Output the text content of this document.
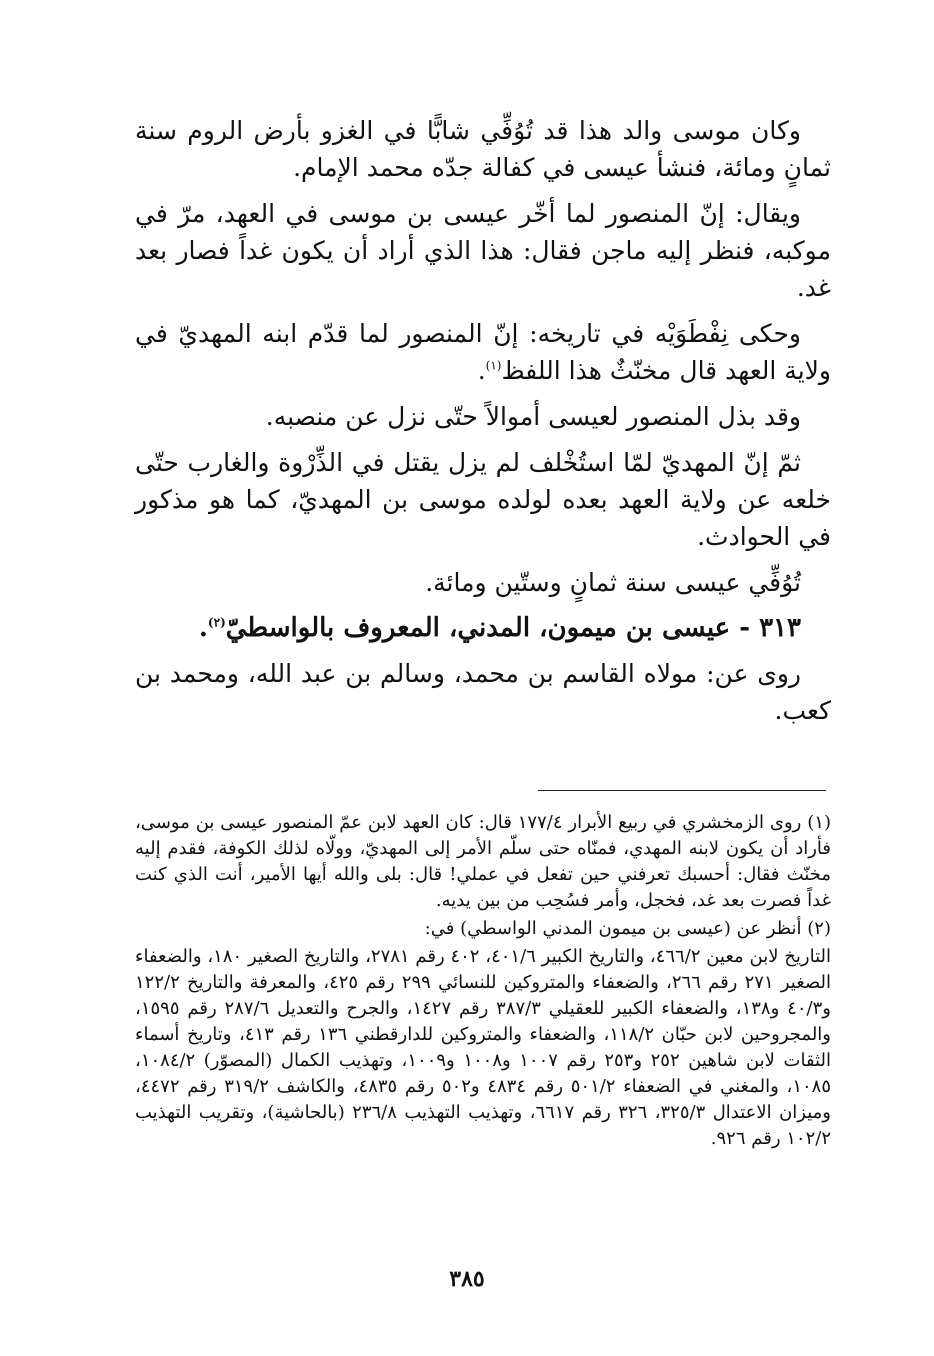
وكان موسى والد هذا قد تُوُفِّي شابًّا في الغزو بأرض الروم سنة ثمانٍ ومائة، فنشأ عيسى في كفالة جدّه محمد الإمام.

ويقال: إنّ المنصور لما أخّر عيسى بن موسى في العهد، مرّ في موكبه، فنظر إليه ماجن فقال: هذا الذي أراد أن يكون غداً فصار بعد غد.

وحكى نِفْطَوَيْه في تاريخه: إنّ المنصور لما قدّم ابنه المهديّ في ولاية العهد قال مخنّثٌ هذا اللفظ$^{(١)}$.

وقد بذل المنصور لعيسى أموالاً حتّى نزل عن منصبه.

ثمّ إنّ المهديّ لمّا استُخْلف لم يزل يقتل في الذِّرْوة والغارب حتّى خلعه عن ولاية العهد بعده لولده موسى بن المهديّ، كما هو مذكور في الحوادث.

تُوُفِّي عيسى سنة ثمانٍ وستّين ومائة.

٣١٣ - عيسى بن ميمون، المدني، المعروف بالواسطيّ$^{(٢)}$.

روى عن: مولاه القاسم بن محمد، وسالم بن عبد الله، ومحمد بن كعب.

(١) روى الزمخشري في ربيع الأبرار ١٧٧/٤ قال: كان العهد لابن عمّ المنصور عيسى بن موسى، فأراد أن يكون لابنه المهدي، فمنّاه حتى سلّم الأمر إلى المهديّ، وولّاه لذلك الكوفة، فقدم إليه مخنّث فقال: أحسبك تعرفني حين تفعل في عملي! قال: بلى والله أيها الأمير، أنت الذي كنت غداً فصرت بعد غد، فخجل، وأمر فسُحِب من بين يديه.

(٢) أنظر عن (عيسى بن ميمون المدني الواسطي) في:

التاريخ لابن معين ٤٦٦/٢، والتاريخ الكبير ٤٠١/٦، ٤٠٢ رقم ٢٧٨١، والتاريخ الصغير ١٨٠، والضعفاء الصغير ٢٧١ رقم ٢٦٦، والضعفاء والمتروكين للنسائي ٢٩٩ رقم ٤٢٥، والمعرفة والتاريخ ١٢٢/٢ و٤٠/٣ و١٣٨، والضعفاء الكبير للعقيلي ٣٨٧/٣ رقم ١٤٢٧، والجرح والتعديل ٢٨٧/٦ رقم ١٥٩٥، والمجروحين لابن حبّان ١١٨/٢، والضعفاء والمتروكين للدارقطني ١٣٦ رقم ٤١٣، وتاريخ أسماء الثقات لابن شاهين ٢٥٢ و٢٥٣ رقم ١٠٠٧ و١٠٠٨ و١٠٠٩، وتهذيب الكمال (المصوّر) ١٠٨٤/٢، ١٠٨٥، والمغني في الضعفاء ٥٠١/٢ رقم ٤٨٣٤ و٥٠٢ رقم ٤٨٣٥، والكاشف ٣١٩/٢ رقم ٤٤٧٢، وميزان الاعتدال ٣٢٥/٣، ٣٢٦ رقم ٦٦١٧، وتهذيب التهذيب ٢٣٦/٨ (بالحاشية)، وتقريب التهذيب ١٠٢/٢ رقم ٩٢٦.

٣٨٥
